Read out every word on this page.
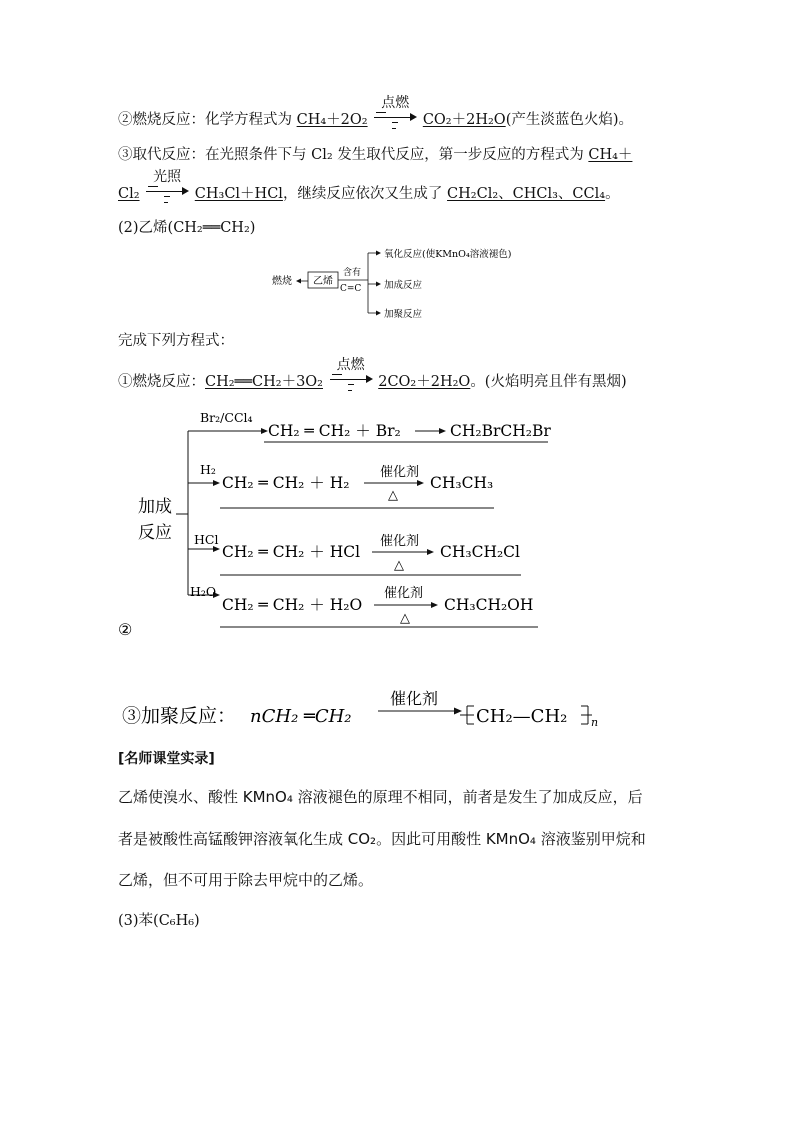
②燃烧反应：化学方程式为 CH₄＋2O₂
点燃
CO₂＋2H₂O(产生淡蓝色火焰)。
③取代反应：在光照条件下与 Cl₂ 发生取代反应，第一步反应的方程式为 CH₄＋
Cl₂
光照
CH₃Cl＋HCl，继续反应依次又生成了 CH₂Cl₂、CHCl₃、CCl₄。
(2)乙烯(CH₂══CH₂)
燃烧 乙烯
含有
C=C
氧化反应(使KMnO₄溶液褪色)
加成反应
加聚反应
完成下列方程式：
①燃烧反应：CH₂══CH₂＋3O₂
点燃
2CO₂＋2H₂O。(火焰明亮且伴有黑烟)
②
加成
反应
Br₂/CCl₄
CH₂ ═ CH₂ ＋ Br₂	CH₂BrCH₂Br
H₂
CH₂ ═ CH₂ ＋ H₂
催化剂
△
CH₃CH₃
HCl
CH₂ ═ CH₂ ＋ HCl
催化剂
△
CH₃CH₂Cl
H₂O
CH₂ ═ CH₂ ＋ H₂O
催化剂
△
CH₃CH₂OH
③加聚反应： nCH₂ ═CH₂
催化剂
CH₂—CH₂ n
[名师课堂实录]
乙烯使溴水、酸性 KMnO₄ 溶液褪色的原理不相同，前者是发生了加成反应，后
者是被酸性高锰酸钾溶液氧化生成 CO₂。因此可用酸性 KMnO₄ 溶液鉴别甲烷和
乙烯，但不可用于除去甲烷中的乙烯。
(3)苯(C₆H₆)
